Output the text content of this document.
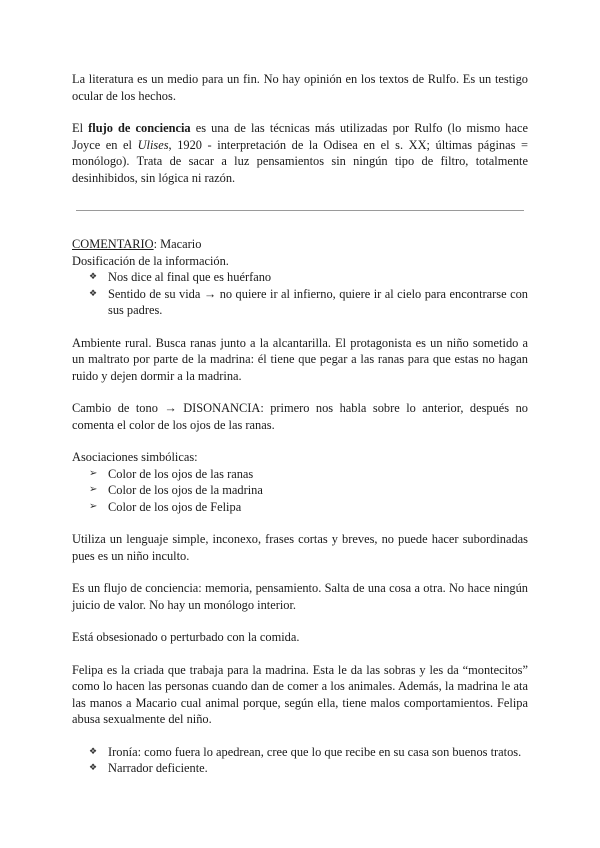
La literatura es un medio para un fin. No hay opinión en los textos de Rulfo. Es un testigo ocular de los hechos.

El flujo de conciencia es una de las técnicas más utilizadas por Rulfo (lo mismo hace Joyce en el Ulises, 1920 - interpretación de la Odisea en el s. XX; últimas páginas = monólogo). Trata de sacar a luz pensamientos sin ningún tipo de filtro, totalmente desinhibidos, sin lógica ni razón.

COMENTARIO: Macario

Dosificación de la información.

❖ Nos dice al final que es huérfano
❖ Sentido de su vida → no quiere ir al infierno, quiere ir al cielo para encontrarse con sus padres.

Ambiente rural. Busca ranas junto a la alcantarilla. El protagonista es un niño sometido a un maltrato por parte de la madrina: él tiene que pegar a las ranas para que estas no hagan ruido y dejen dormir a la madrina.

Cambio de tono → DISONANCIA: primero nos habla sobre lo anterior, después no comenta el color de los ojos de las ranas.

Asociaciones simbólicas:

➢ Color de los ojos de las ranas
➢ Color de los ojos de la madrina
➢ Color de los ojos de Felipa

Utiliza un lenguaje simple, inconexo, frases cortas y breves, no puede hacer subordinadas pues es un niño inculto.

Es un flujo de conciencia: memoria, pensamiento. Salta de una cosa a otra. No hace ningún juicio de valor. No hay un monólogo interior.

Está obsesionado o perturbado con la comida.

Felipa es la criada que trabaja para la madrina. Esta le da las sobras y les da “montecitos” como lo hacen las personas cuando dan de comer a los animales. Además, la madrina le ata las manos a Macario cual animal porque, según ella, tiene malos comportamientos. Felipa abusa sexualmente del niño.

❖ Ironía: como fuera lo apedrean, cree que lo que recibe en su casa son buenos tratos.
❖ Narrador deficiente.
